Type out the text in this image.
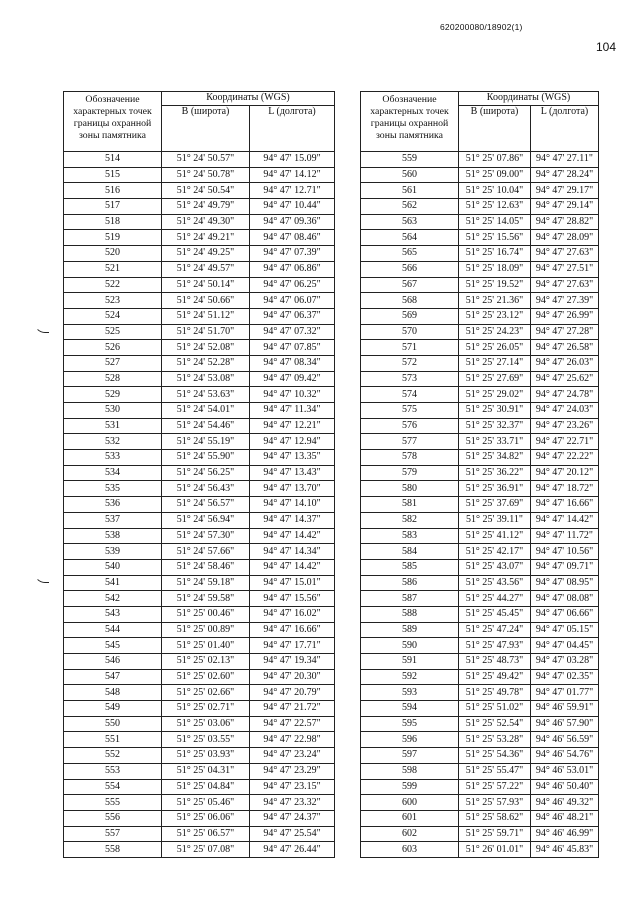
620200080/18902(1)
104
Обозначение характерных точек границы охранной зоны памятника	Координаты (WGS)	
	B (широта)	L (долгота)
514	51° 24' 50.57"	94° 47' 15.09"
515	51° 24' 50.78"	94° 47' 14.12"
516	51° 24' 50.54"	94° 47' 12.71"
517	51° 24' 49.79"	94° 47' 10.44"
518	51° 24' 49.30"	94° 47' 09.36"
519	51° 24' 49.21"	94° 47' 08.46"
520	51° 24' 49.25"	94° 47' 07.39"
521	51° 24' 49.57"	94° 47' 06.86"
522	51° 24' 50.14"	94° 47' 06.25"
523	51° 24' 50.66"	94° 47' 06.07"
524	51° 24' 51.12"	94° 47' 06.37"
525	51° 24' 51.70"	94° 47' 07.32"
526	51° 24' 52.08"	94° 47' 07.85"
527	51° 24' 52.28"	94° 47' 08.34"
528	51° 24' 53.08"	94° 47' 09.42"
529	51° 24' 53.63"	94° 47' 10.32"
530	51° 24' 54.01"	94° 47' 11.34"
531	51° 24' 54.46"	94° 47' 12.21"
532	51° 24' 55.19"	94° 47' 12.94"
533	51° 24' 55.90"	94° 47' 13.35"
534	51° 24' 56.25"	94° 47' 13.43"
535	51° 24' 56.43"	94° 47' 13.70"
536	51° 24' 56.57"	94° 47' 14.10"
537	51° 24' 56.94"	94° 47' 14.37"
538	51° 24' 57.30"	94° 47' 14.42"
539	51° 24' 57.66"	94° 47' 14.34"
540	51° 24' 58.46"	94° 47' 14.42"
541	51° 24' 59.18"	94° 47' 15.01"
542	51° 24' 59.58"	94° 47' 15.56"
543	51° 25' 00.46"	94° 47' 16.02"
544	51° 25' 00.89"	94° 47' 16.66"
545	51° 25' 01.40"	94° 47' 17.71"
546	51° 25' 02.13"	94° 47' 19.34"
547	51° 25' 02.60"	94° 47' 20.30"
548	51° 25' 02.66"	94° 47' 20.79"
549	51° 25' 02.71"	94° 47' 21.72"
550	51° 25' 03.06"	94° 47' 22.57"
551	51° 25' 03.55"	94° 47' 22.98"
552	51° 25' 03.93"	94° 47' 23.24"
553	51° 25' 04.31"	94° 47' 23.29"
554	51° 25' 04.84"	94° 47' 23.15"
555	51° 25' 05.46"	94° 47' 23.32"
556	51° 25' 06.06"	94° 47' 24.37"
557	51° 25' 06.57"	94° 47' 25.54"
558	51° 25' 07.08"	94° 47' 26.44"
Обозначение характерных точек границы охранной зоны памятника	Координаты (WGS)	
	B (широта)	L (долгота)
559	51° 25' 07.86"	94° 47' 27.11"
560	51° 25' 09.00"	94° 47' 28.24"
561	51° 25' 10.04"	94° 47' 29.17"
562	51° 25' 12.63"	94° 47' 29.14"
563	51° 25' 14.05"	94° 47' 28.82"
564	51° 25' 15.56"	94° 47' 28.09"
565	51° 25' 16.74"	94° 47' 27.63"
566	51° 25' 18.09"	94° 47' 27.51"
567	51° 25' 19.52"	94° 47' 27.63"
568	51° 25' 21.36"	94° 47' 27.39"
569	51° 25' 23.12"	94° 47' 26.99"
570	51° 25' 24.23"	94° 47' 27.28"
571	51° 25' 26.05"	94° 47' 26.58"
572	51° 25' 27.14"	94° 47' 26.03"
573	51° 25' 27.69"	94° 47' 25.62"
574	51° 25' 29.02"	94° 47' 24.78"
575	51° 25' 30.91"	94° 47' 24.03"
576	51° 25' 32.37"	94° 47' 23.26"
577	51° 25' 33.71"	94° 47' 22.71"
578	51° 25' 34.82"	94° 47' 22.22"
579	51° 25' 36.22"	94° 47' 20.12"
580	51° 25' 36.91"	94° 47' 18.72"
581	51° 25' 37.69"	94° 47' 16.66"
582	51° 25' 39.11"	94° 47' 14.42"
583	51° 25' 41.12"	94° 47' 11.72"
584	51° 25' 42.17"	94° 47' 10.56"
585	51° 25' 43.07"	94° 47' 09.71"
586	51° 25' 43.56"	94° 47' 08.95"
587	51° 25' 44.27"	94° 47' 08.08"
588	51° 25' 45.45"	94° 47' 06.66"
589	51° 25' 47.24"	94° 47' 05.15"
590	51° 25' 47.93"	94° 47' 04.45"
591	51° 25' 48.73"	94° 47' 03.28"
592	51° 25' 49.42"	94° 47' 02.35"
593	51° 25' 49.78"	94° 47' 01.77"
594	51° 25' 51.02"	94° 46' 59.91"
595	51° 25' 52.54"	94° 46' 57.90"
596	51° 25' 53.28"	94° 46' 56.59"
597	51° 25' 54.36"	94° 46' 54.76"
598	51° 25' 55.47"	94° 46' 53.01"
599	51° 25' 57.22"	94° 46' 50.40"
600	51° 25' 57.93"	94° 46' 49.32"
601	51° 25' 58.62"	94° 46' 48.21"
602	51° 25' 59.71"	94° 46' 46.99"
603	51° 26' 01.01"	94° 46' 45.83"
